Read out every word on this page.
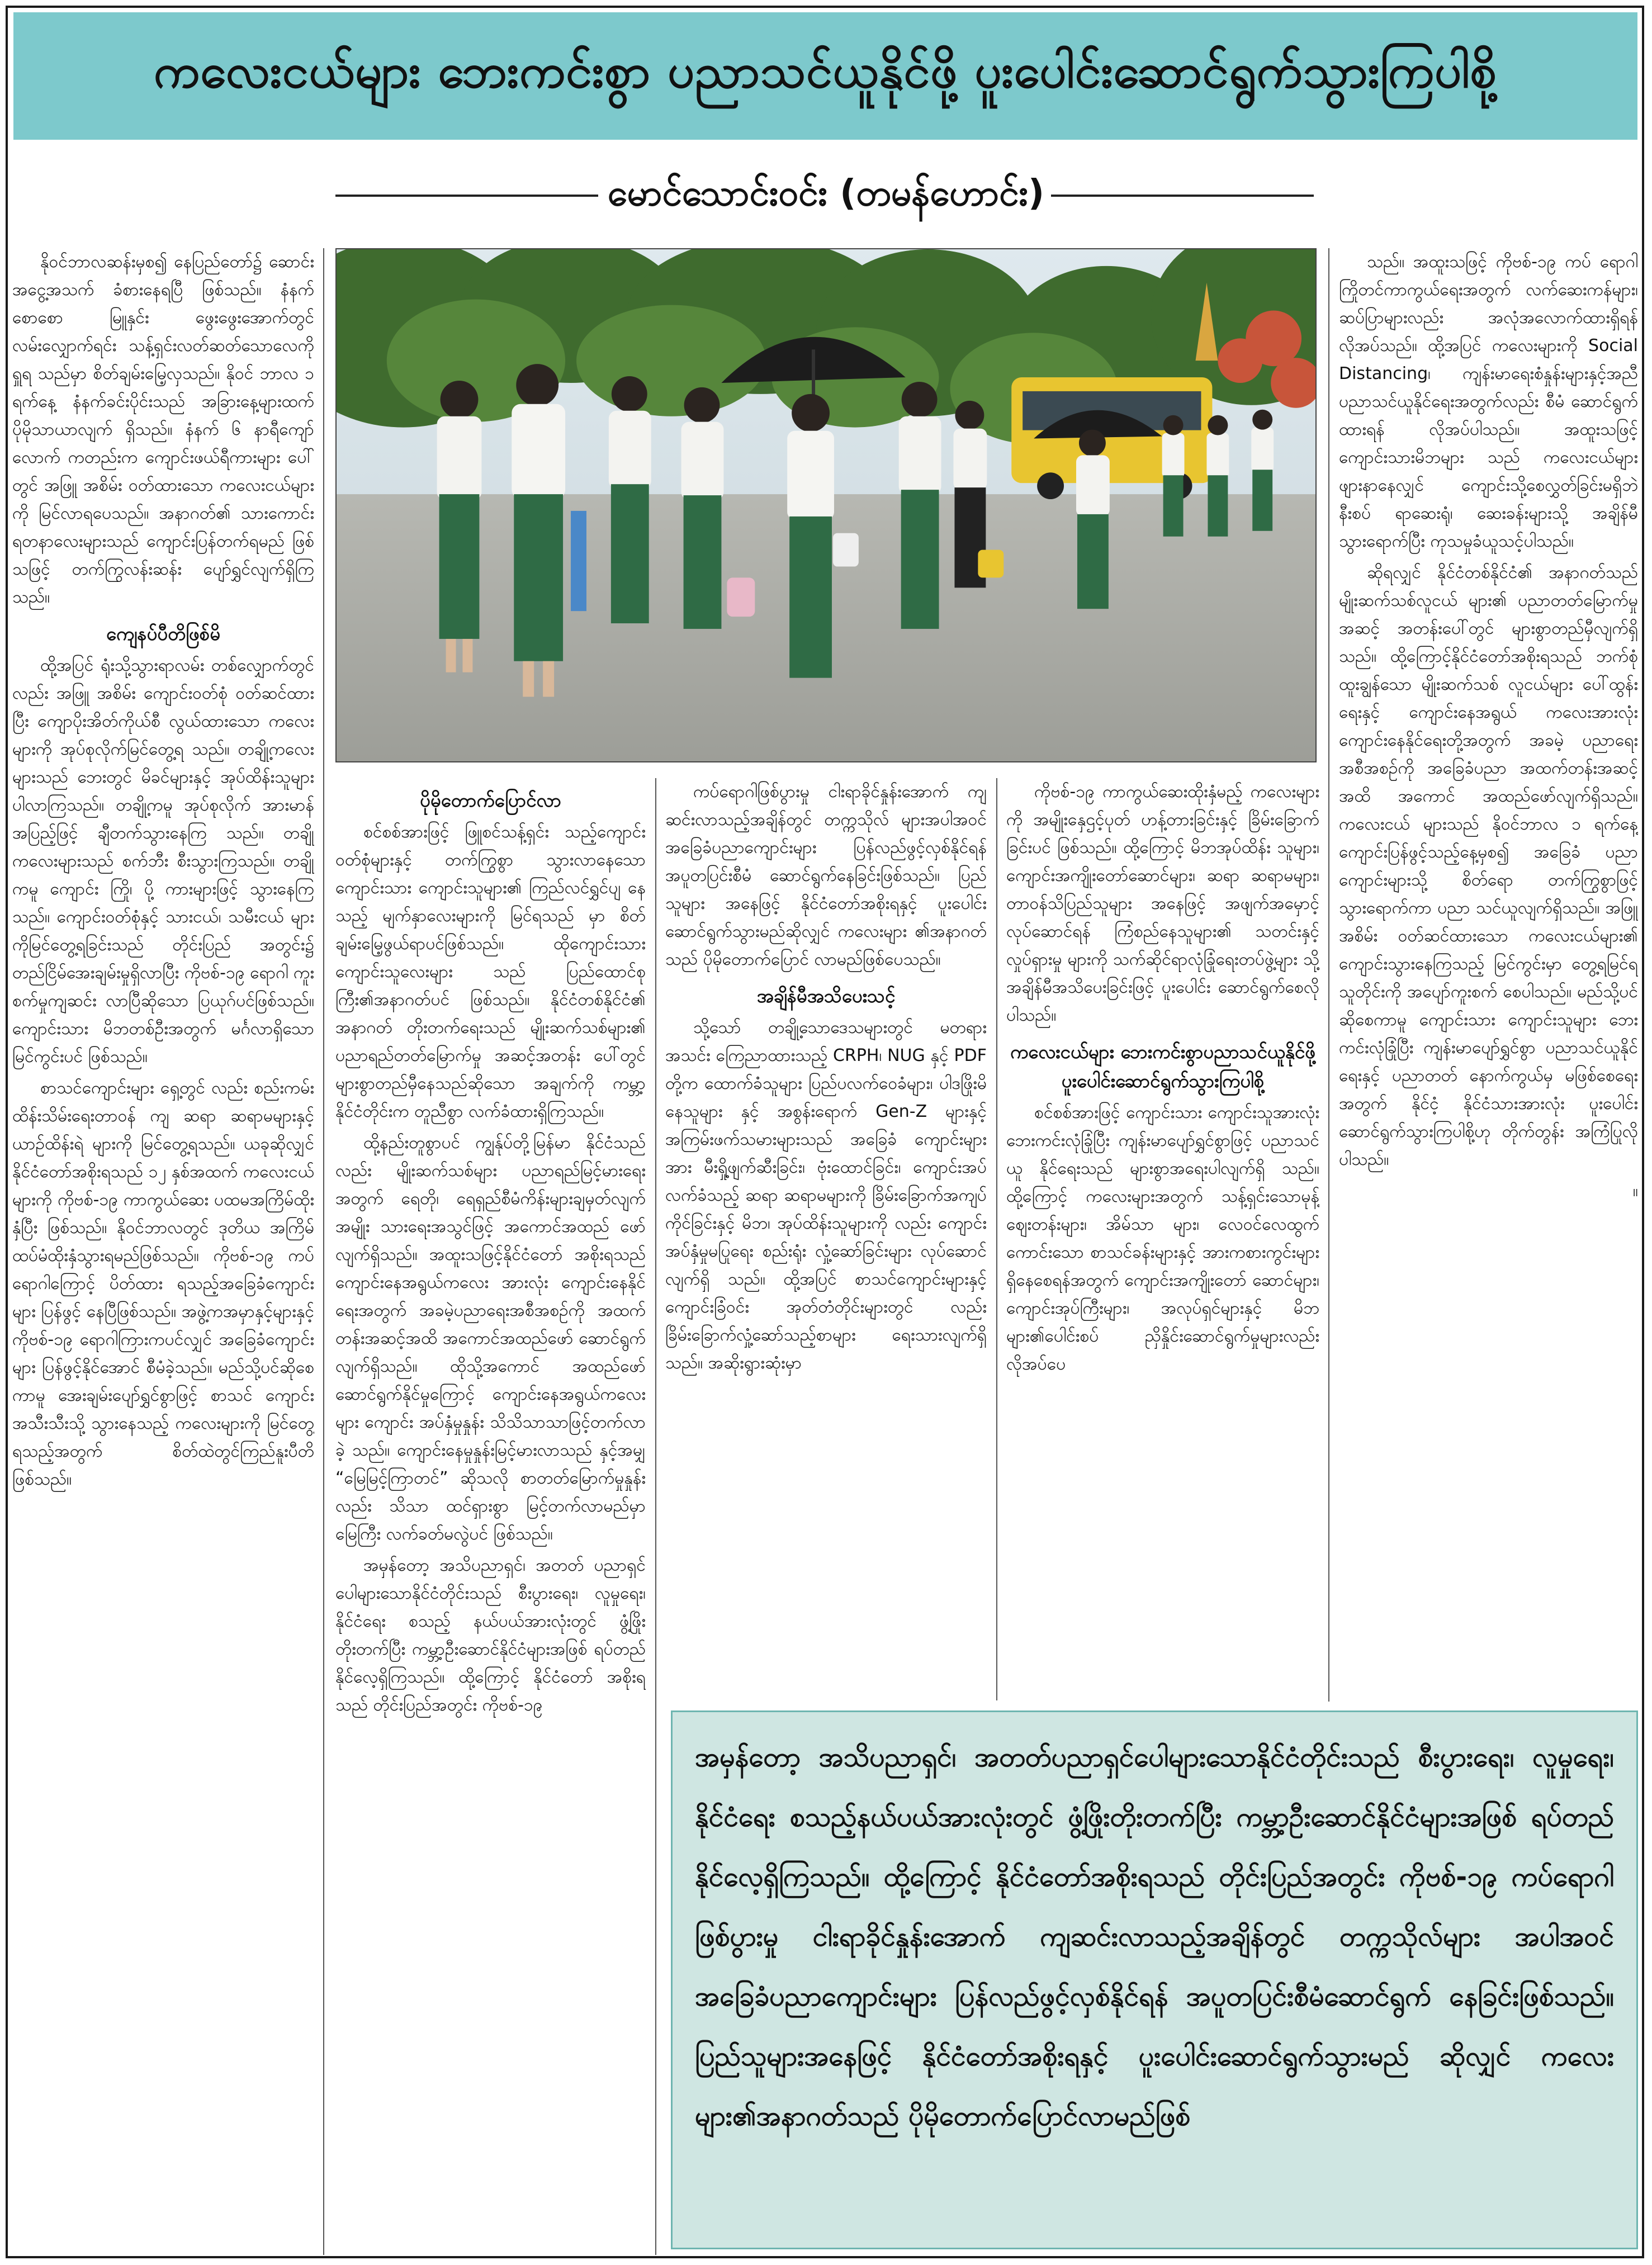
ကလေးငယ်များ ဘေးကင်းစွာ ပညာသင်ယူနိုင်ဖို့ ပူးပေါင်းဆောင်ရွက်သွားကြပါစို့
မောင်သောင်းဝင်း (တမန်ဟောင်း)

နိုဝင်ဘာလဆန်းမှစ၍ နေပြည်တော်၌ ဆောင်းအငွေ့အသက် ခံစားနေရပြီ ဖြစ်သည်။ နံနက်စောစော မြူနှင်း ဖွေးဖွေးအောက်တွင် လမ်းလျှောက်ရင်း သန့်ရှင်းလတ်ဆတ်သောလေကို ရှူရ သည်မှာ စိတ်ချမ်းမြေ့လှသည်။ နိုဝင် ဘာလ ၁ ရက်နေ့ နံနက်ခင်းပိုင်းသည် အခြားနေ့များထက် ပိုမိုသာယာလျက် ရှိသည်။ နံနက် ၆ နာရီကျော်လောက် ကတည်းက ကျောင်းဖယ်ရီကားများ ပေါ်တွင် အဖြူ အစိမ်း ဝတ်ထားသော ကလေးငယ်များကို မြင်လာရပေသည်။ အနာဂတ်၏ သားကောင်း ရတနာလေးများသည် ကျောင်းပြန်တက်ရမည် ဖြစ်သဖြင့် တက်ကြွလန်းဆန်း ပျော်ရွှင်လျက်ရှိကြ သည်။

ကျေနပ်ပီတိဖြစ်မိ

ထို့အပြင် ရုံးသို့သွားရာလမ်း တစ်လျှောက်တွင်လည်း အဖြူ အစိမ်း ကျောင်းဝတ်စုံ ဝတ်ဆင်ထားပြီး ကျောပိုးအိတ်ကိုယ်စီ လွယ်ထားသော ကလေးများကို အုပ်စုလိုက်မြင်တွေ့ရ သည်။ တချို့ကလေးများသည် ဘေးတွင် မိခင်များနှင့် အုပ်ထိန်းသူများ ပါလာကြသည်။ တချို့ကမူ အုပ်စုလိုက် အားမာန်အပြည့်ဖြင့် ချီတက်သွားနေကြ သည်။ တချို့ကလေးများသည် စက်ဘီး စီးသွားကြသည်။ တချို့ကမူ ကျောင်း ကြို၊ ပို့ ကားများဖြင့် သွားနေကြသည်။ ကျောင်းဝတ်စုံနှင့် သားငယ်၊ သမီးငယ် များကိုမြင်တွေ့ရခြင်းသည် တိုင်းပြည် အတွင်း၌ တည်ငြိမ်အေးချမ်းမှုရှိလာပြီး ကိုဗစ်-၁၉ ရောဂါ ကူးစက်မှုကျဆင်း လာပြီဆိုသော ပြယုဂ်ပင်ဖြစ်သည်။ ကျောင်းသား မိဘတစ်ဦးအတွက် မင်္ဂလာရှိသောမြင်ကွင်းပင် ဖြစ်သည်။

စာသင်ကျောင်းများ ရှေ့တွင် လည်း စည်းကမ်းထိန်းသိမ်းရေးတာဝန် ကျ ဆရာ ဆရာမများနှင့် ယာဉ်ထိန်းရဲ များကို မြင်တွေ့ရသည်။ ယခုဆိုလျှင် နိုင်ငံတော်အစိုးရသည် ၁၂ နှစ်အထက် ကလေးငယ်များကို ကိုဗစ်-၁၉ ကာကွယ်ဆေး ပထမအကြိမ်ထိုးနှံပြီး ဖြစ်သည်။ နိုဝင်ဘာလတွင် ဒုတိယ အကြိမ် ထပ်မံထိုးနှံသွားရမည်ဖြစ်သည်။ ကိုဗစ်-၁၉ ကပ်ရောဂါကြောင့် ပိတ်ထား ရသည့်အခြေခံကျောင်းများ ပြန်ဖွင့် နေပြီဖြစ်သည်။ အဖွဲ့ကအမှာနှင့်များနှင့် ကိုဗစ်-၁၉ ရောဂါကြားကပင်လျှင် အခြေခံကျောင်းများ ပြန်ဖွင့်နိုင်အောင် စီမံခဲ့သည်။ မည်သို့ပင်ဆိုစေကာမူ အေးချမ်းပျော်ရွှင်စွာဖြင့် စာသင် ကျောင်းအသီးသီးသို့ သွားနေသည့် ကလေးများကို မြင်တွေ့ရသည့်အတွက် စိတ်ထဲတွင်ကြည်နူးပီတိ ဖြစ်သည်။

ပိုမိုတောက်ပြောင်လာ

စင်စစ်အားဖြင့် ဖြူစင်သန့်ရှင်း သည့်ကျောင်းဝတ်စုံများနှင့် တက်ကြွစွာ သွားလာနေသော ကျောင်းသား ကျောင်းသူများ၏ ကြည်လင်ရွှင်ပျ နေသည့် မျက်နှာလေးများကို မြင်ရသည် မှာ စိတ်ချမ်းမြေ့ဖွယ်ရာပင်ဖြစ်သည်။ ထိုကျောင်းသား ကျောင်းသူလေးများ သည် ပြည်ထောင်စုကြီး၏အနာဂတ်ပင် ဖြစ်သည်။ နိုင်ငံတစ်နိုင်ငံ၏ အနာဂတ် တိုးတက်ရေးသည် မျိုးဆက်သစ်များ၏ ပညာရည်တတ်မြောက်မှု အဆင့်အတန်း ပေါ်တွင် များစွာတည်မှီနေသည်ဆိုသော အချက်ကို ကမ္ဘာ့နိုင်ငံတိုင်းက တူညီစွာ လက်ခံထားရှိကြသည်။

ထို့နည်းတူစွာပင် ကျွန်ုပ်တို့မြန်မာ နိုင်ငံသည်လည်း မျိုးဆက်သစ်များ ပညာရည်မြင့်မားရေးအတွက် ရေတို၊ ရေရှည်စီမံကိန်းများချမှတ်လျက် အမျိုး သားရေးအသွင်ဖြင့် အကောင်အထည် ဖော်လျက်ရှိသည်။ အထူးသဖြင့်နိုင်ငံတော် အစိုးရသည် ကျောင်းနေအရွယ်ကလေး အားလုံး ကျောင်းနေနိုင်ရေးအတွက် အခမဲ့ပညာရေးအစီအစဉ်ကို အထက် တန်းအဆင့်အထိ အကောင်အထည်ဖော် ဆောင်ရွက်လျက်ရှိသည်။ ထိုသို့အကောင် အထည်ဖော် ဆောင်ရွက်နိုင်မှုကြောင့် ကျောင်းနေအရွယ်ကလေးများ ကျောင်း အပ်နှံမှုနှုန်း သိသိသာသာဖြင့်တက်လာခဲ့ သည်။ ကျောင်းနေမှုနှုန်းမြင့်မားလာသည် နှင့်အမျှ “မြေမြင့်ကြာတင်” ဆိုသလို စာတတ်မြောက်မှုနှုန်းလည်း သိသာ ထင်ရှားစွာ မြင့်တက်လာမည်မှာ မြေကြီး လက်ခတ်မလွဲပင် ဖြစ်သည်။

အမှန်တော့ အသိပညာရှင်၊ အတတ် ပညာရှင် ပေါများသောနိုင်ငံတိုင်းသည် စီးပွားရေး၊ လူမှုရေး၊ နိုင်ငံရေး စသည့် နယ်ပယ်အားလုံးတွင် ဖွံ့ဖြိုးတိုးတက်ပြီး ကမ္ဘာ့ဦးဆောင်နိုင်ငံများအဖြစ် ရပ်တည် နိုင်လေ့ရှိကြသည်။ ထို့ကြောင့် နိုင်ငံတော် အစိုးရသည် တိုင်းပြည်အတွင်း ကိုဗစ်-၁၉

ကပ်ရောဂါဖြစ်ပွားမှု ငါးရာခိုင်နှုန်းအောက် ကျဆင်းလာသည့်အချိန်တွင် တက္ကသိုလ် များအပါအဝင် အခြေခံပညာကျောင်းများ ပြန်လည်ဖွင့်လှစ်နိုင်ရန် အပူတပြင်းစီမံ ဆောင်ရွက်နေခြင်းဖြစ်သည်။ ပြည်သူများ အနေဖြင့် နိုင်ငံတော်အစိုးရနှင့် ပူးပေါင်း ဆောင်ရွက်သွားမည်ဆိုလျှင် ကလေးများ ၏အနာဂတ်သည် ပိုမိုတောက်ပြောင် လာမည်ဖြစ်ပေသည်။

အချိန်မီအသိပေးသင့်

သို့သော် တချို့သောဒေသများတွင် မတရားအသင်း ကြေညာထားသည့် CRPH၊ NUG နှင့် PDF တို့က ထောက်ခံသူများ ပြည်ပလက်ဝေခံများ၊ ပါဒဖြိုးမိနေသူများ နှင့် အစွန်းရောက် Gen-Z များနှင့် အကြမ်းဖက်သမားများသည် အခြေခံ ကျောင်းများအား မီးရှို့ဖျက်ဆီးခြင်း၊ ဗုံးထောင်ခြင်း၊ ကျောင်းအပ်လက်ခံသည့် ဆရာ ဆရာမများကို ခြိမ်းခြောက်အကျပ် ကိုင်ခြင်းနှင့် မိဘ၊ အုပ်ထိန်းသူများကို လည်း ကျောင်းအပ်နှံမှုမပြုရေး စည်းရုံး လှုံ့ဆော်ခြင်းများ လုပ်ဆောင်လျက်ရှိ သည်။ ထို့အပြင် စာသင်ကျောင်းများနှင့် ကျောင်းခြံဝင်း အုတ်တံတိုင်းများတွင် လည်း ခြိမ်းခြောက်လှုံ့ဆော်သည့်စာများ ရေးသားလျက်ရှိသည်။ အဆိုးရွားဆုံးမှာ

ကိုဗစ်-၁၉ ကာကွယ်ဆေးထိုးနှံမည့် ကလေးများကို အမျိုးနှေဌင့်ပုတ် ဟန့်တားခြင်းနှင့် ခြိမ်းခြောက်ခြင်းပင် ဖြစ်သည်။ ထို့ကြောင့် မိဘအုပ်ထိန်း သူများ၊ ကျောင်းအကျိုးတော်ဆောင်များ၊ ဆရာ ဆရာမများ၊ တာဝန်သိပြည်သူများ အနေဖြင့် အဖျက်အမှောင့်လုပ်ဆောင်ရန် ကြံစည်နေသူများ၏ သတင်းနှင့်လှုပ်ရှားမှု များကို သက်ဆိုင်ရာလုံခြုံရေးတပ်ဖွဲ့များ သို့ အချိန်မီအသိပေးခြင်းဖြင့် ပူးပေါင်း ဆောင်ရွက်စေလိုပါသည်။

ကလေးငယ်များ ဘေးကင်းစွာပညာသင်ယူနိုင်ဖို့ ပူးပေါင်းဆောင်ရွက်သွားကြပါစို့

စင်စစ်အားဖြင့် ကျောင်းသား ကျောင်းသူအားလုံး ဘေးကင်းလုံခြုံပြီး ကျန်းမာပျော်ရွှင်စွာဖြင့် ပညာသင်ယူ နိုင်ရေးသည် များစွာအရေးပါလျက်ရှိ သည်။ ထို့ကြောင့် ကလေးများအတွက် သန့်ရှင်းသောမုန့်ဈေးတန်းများ၊ အိမ်သာ များ၊ လေဝင်လေထွက်ကောင်းသော စာသင်ခန်းများနှင့် အားကစားကွင်းများ ရှိနေစေရန်အတွက် ကျောင်းအကျိုးတော် ဆောင်များ၊ ကျောင်းအုပ်ကြီးများ၊ အလုပ်ရှင်များနှင့် မိဘများ၏ပေါင်းစပ် ညှိနှိုင်းဆောင်ရွက်မှုများလည်း လိုအပ်ပေ

သည်။ အထူးသဖြင့် ကိုဗစ်-၁၉ ကပ် ရောဂါ ကြိုတင်ကာကွယ်ရေးအတွက် လက်ဆေးကန်များ၊ ဆပ်ပြာများလည်း အလုံအလောက်ထားရှိရန် လိုအပ်သည်။ ထို့အပြင် ကလေးများကို Social Distancing၊ ကျန်းမာရေးစံနှုန်းများနှင့်အညီ ပညာသင်ယူနိုင်ရေးအတွက်လည်း စီမံ ဆောင်ရွက်ထားရန် လိုအပ်ပါသည်။ အထူးသဖြင့် ကျောင်းသားမိဘများ သည် ကလေးငယ်များ ဖျားနာနေလျှင် ကျောင်းသို့စေလွှတ်ခြင်းမရှိဘဲ နီးစပ် ရာဆေးရုံ၊ ဆေးခန်းများသို့ အချိန်မီ သွားရောက်ပြီး ကုသမှုခံယူသင့်ပါသည်။

ဆိုရလျှင် နိုင်ငံတစ်နိုင်ငံ၏ အနာဂတ်သည် မျိုးဆက်သစ်လူငယ် များ၏ ပညာတတ်မြောက်မှုအဆင့် အတန်းပေါ်တွင် များစွာတည်မှီလျက်ရှိ သည်။ ထို့ကြောင့်နိုင်ငံတော်အစိုးရသည် ဘက်စုံထူးချွန်သော မျိုးဆက်သစ် လူငယ်များ ပေါ်ထွန်းရေးနှင့် ကျောင်းနေအရွယ် ကလေးအားလုံး ကျောင်းနေနိုင်ရေးတို့အတွက် အခမဲ့ ပညာရေးအစီအစဉ်ကို အခြေခံပညာ အထက်တန်းအဆင့်အထိ အကောင် အထည်ဖော်လျက်ရှိသည်။ ကလေးငယ် များသည် နိုဝင်ဘာလ ၁ ရက်နေ့ ကျောင်းပြန်ဖွင့်သည့်နေ့မှစ၍ အခြေခံ ပညာကျောင်းများသို့ စိတ်ရော တက်ကြွစွာဖြင့် သွားရောက်ကာ ပညာ သင်ယူလျက်ရှိသည်။ အဖြူ အစိမ်း ဝတ်ဆင်ထားသော ကလေးငယ်များ၏ ကျောင်းသွားနေကြသည့် မြင်ကွင်းမှာ တွေ့ရမြင်ရသူတိုင်းကို အပျော်ကူးစက် စေပါသည်။ မည်သို့ပင်ဆိုစေကာမူ ကျောင်းသား ကျောင်းသူများ ဘေးကင်းလုံခြုံပြီး ကျန်းမာပျော်ရွှင်စွာ ပညာသင်ယူနိုင်ရေးနှင့် ပညာတတ် နောက်ကွယ်မှ မဖြစ်စေရေးအတွက် နိုင်ငံ့ နိုင်ငံသားအားလုံး ပူးပေါင်း ဆောင်ရွက်သွားကြပါစို့ဟု တိုက်တွန်း အကြံပြုလိုပါသည်။

။
အမှန်တော့ အသိပညာရှင်၊ အတတ်ပညာရှင်ပေါများသောနိုင်ငံတိုင်းသည် စီးပွားရေး၊ လူမှုရေး၊ နိုင်ငံရေး စသည့်နယ်ပယ်အားလုံးတွင် ဖွံ့ဖြိုးတိုးတက်ပြီး ကမ္ဘာ့ဦးဆောင်နိုင်ငံများအဖြစ် ရပ်တည်နိုင်လေ့ရှိကြသည်။ ထို့ကြောင့် နိုင်ငံတော်အစိုးရသည် တိုင်းပြည်အတွင်း ကိုဗစ်-၁၉ ကပ်ရောဂါဖြစ်ပွားမှု ငါးရာခိုင်နှုန်းအောက် ကျဆင်းလာသည့်အချိန်တွင် တက္ကသိုလ်များ အပါအဝင် အခြေခံပညာကျောင်းများ ပြန်လည်ဖွင့်လှစ်နိုင်ရန် အပူတပြင်းစီမံဆောင်ရွက် နေခြင်းဖြစ်သည်။ ပြည်သူများအနေဖြင့် နိုင်ငံတော်အစိုးရနှင့် ပူးပေါင်းဆောင်ရွက်သွားမည် ဆိုလျှင် ကလေးများ၏အနာဂတ်သည် ပိုမိုတောက်ပြောင်လာမည်ဖြစ်
